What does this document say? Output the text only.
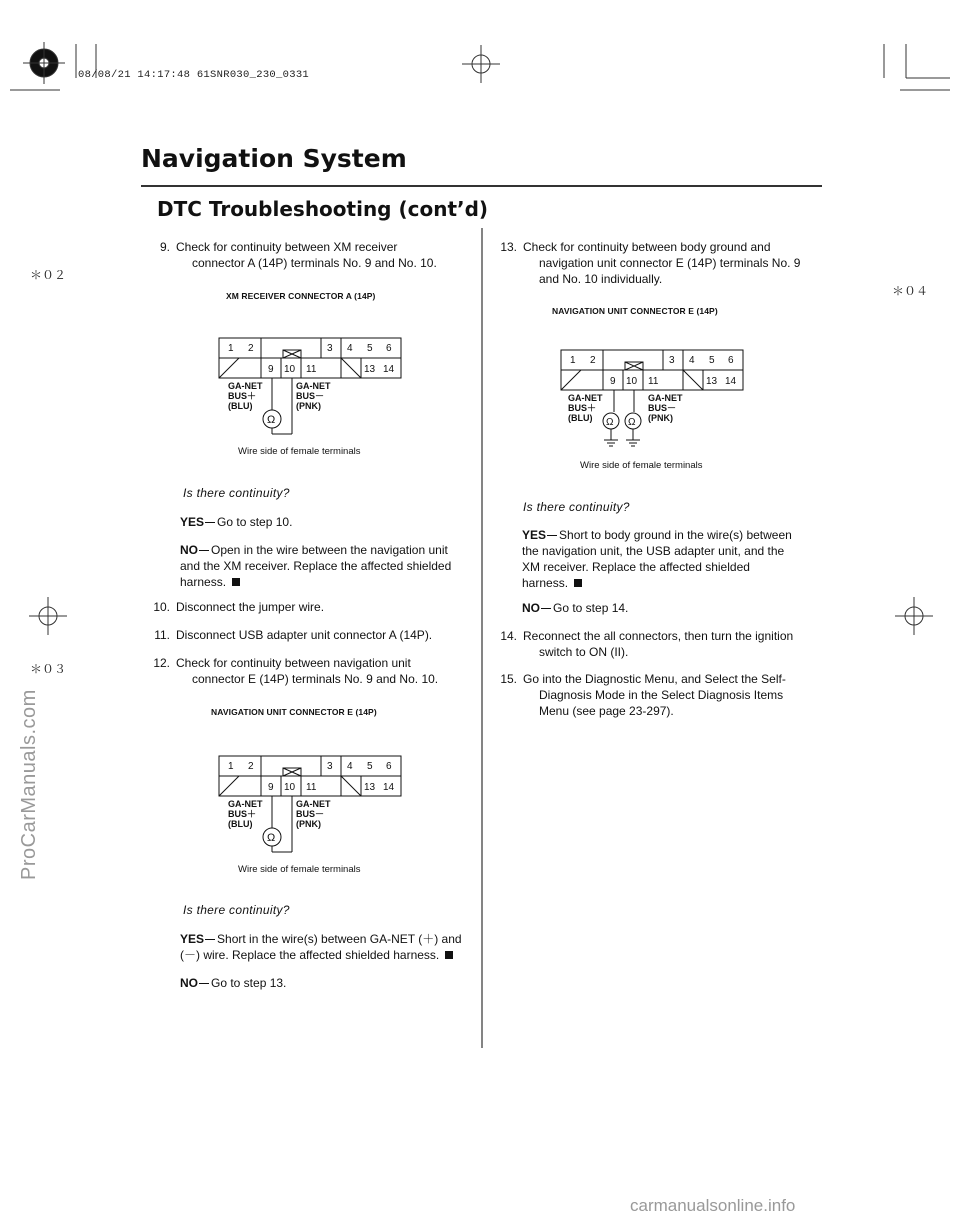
08/08/21 14:17:48 61SNR030_230_0331
＊０２
＊０３
＊０４
Navigation System
DTC Troubleshooting (cont’d)
9. Check for continuity between XM receiver
connector A (14P) terminals No. 9 and No. 10.
XM RECEIVER CONNECTOR A (14P)
1 2	3 4 5 6
9 10 11	13 14
Ω
GA-NET
BUS＋
(BLU)
GA-NET
BUS－
(PNK)
Wire side of female terminals
Is there continuity?
YES Go to step 10.
NO Open in the wire between the navigation unit
and the XM receiver. Replace the affected shielded
harness.
10. Disconnect the jumper wire.
11. Disconnect USB adapter unit connector A (14P).
12. Check for continuity between navigation unit
connector E (14P) terminals No. 9 and No. 10.
NAVIGATION UNIT CONNECTOR E (14P)
1 2	3 4 5 6
9 10 11	13 14
Ω
GA-NET
BUS＋
(BLU)
GA-NET
BUS－
(PNK)
Wire side of female terminals
Is there continuity?
YES Short in the wire(s) between GA-NET (＋) and
(－) wire. Replace the affected shielded harness.
NO Go to step 13.
13. Check for continuity between body ground and
navigation unit connector E (14P) terminals No. 9
and No. 10 individually.
NAVIGATION UNIT CONNECTOR E (14P)
1 2	3 4 5 6
9 10 11	13 14
Ω Ω
GA-NET
BUS＋
(BLU)
GA-NET
BUS－
(PNK)
Wire side of female terminals
Is there continuity?
YES Short to body ground in the wire(s) between
the navigation unit, the USB adapter unit, and the
XM receiver. Replace the affected shielded
harness.
NO Go to step 14.
14. Reconnect the all connectors, then turn the ignition
switch to ON (II).
15. Go into the Diagnostic Menu, and Select the Self-
Diagnosis Mode in the Select Diagnosis Items
Menu (see page 23-297).
ProCarManuals.com
carmanualsonline.info
